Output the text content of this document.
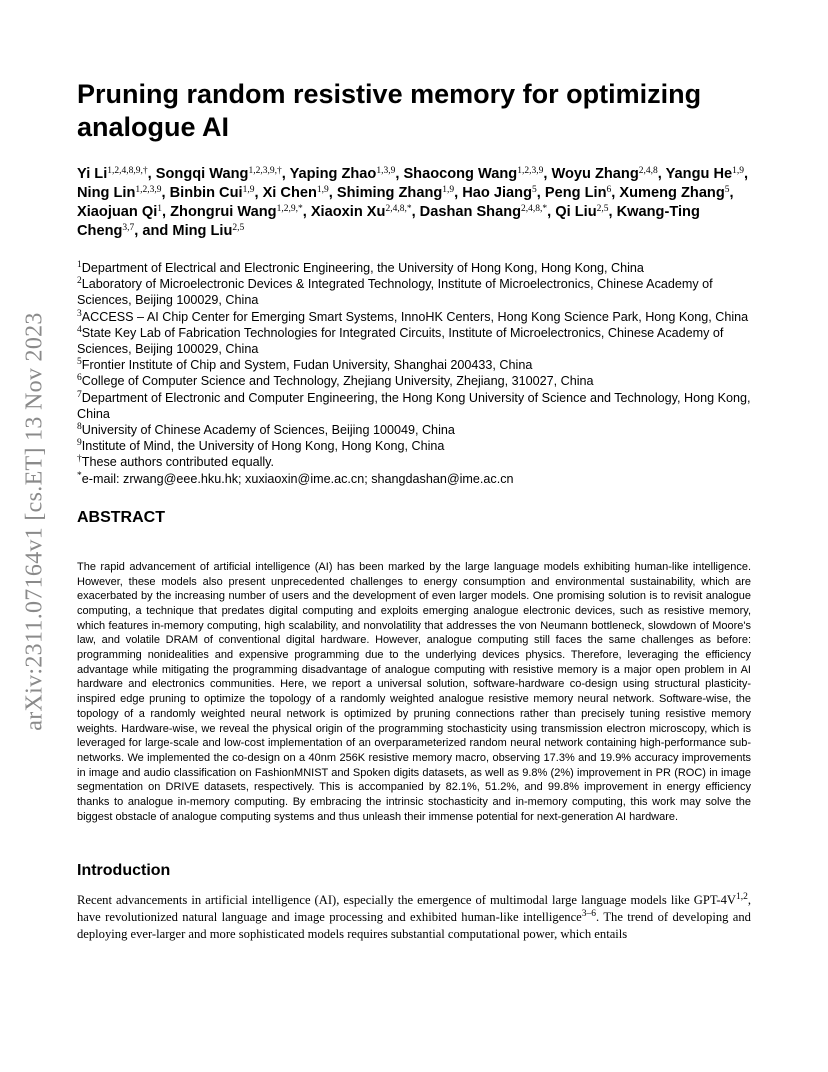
arXiv:2311.07164v1 [cs.ET] 13 Nov 2023
Pruning random resistive memory for optimizing analogue AI
Yi $Li^{1,2,4,8,9,\dagger}$, Songqi Wang$^{1,2,3,9,\dagger}$, Yaping Zhao$^{1,3,9}$, Shaocong Wang$^{1,2,3,9}$, Woyu Zhang$^{2,4,8}$, Yangu He$^{1,9}$, Ning Lin$^{1,2,3,9}$, Binbin Cui$^{1,9}$, Xi Chen$^{1,9}$, Shiming Zhang$^{1,9}$, Hao Jiang$^5$, Peng Lin$^6$, Xumeng Zhang$^5$, Xiaojuan Qi$^1$, Zhongrui Wang$^{1,2,9,*}$, Xiaoxin $Xu^{2,4,8,*}$, Dashan Shang$^{2,4,8,*}$, Qi Liu$^{2,5}$, Kwang-Ting Cheng$^{3,7}$, and Ming Liu$^{2,5}$
$^1$Department of Electrical and Electronic Engineering, the University of Hong Kong, Hong Kong, China
$^2$Laboratory of Microelectronic Devices & Integrated Technology, Institute of Microelectronics, Chinese Academy of Sciences, Beijing 100029, China
$^3$ACCESS – AI Chip Center for Emerging Smart Systems, InnoHK Centers, Hong Kong Science Park, Hong Kong, China
$^4$State Key Lab of Fabrication Technologies for Integrated Circuits, Institute of Microelectronics, Chinese Academy of Sciences, Beijing 100029, China
$^5$Frontier Institute of Chip and System, Fudan University, Shanghai 200433, China
$^6$College of Computer Science and Technology, Zhejiang University, Zhejiang, 310027, China
$^7$Department of Electronic and Computer Engineering, the Hong Kong University of Science and Technology, Hong Kong, China
$^8$University of Chinese Academy of Sciences, Beijing 100049, China
$^9$Institute of Mind, the University of Hong Kong, Hong Kong, China
†These authors contributed equally.
*e-mail: zrwang@eee.hku.hk; xuxiaoxin@ime.ac.cn; shangdashan@ime.ac.cn
ABSTRACT

The rapid advancement of artificial intelligence (AI) has been marked by the large language models exhibiting human-like intelligence. However, these models also present unprecedented challenges to energy consumption and environmental sustainability, which are exacerbated by the increasing number of users and the development of even larger models. One promising solution is to revisit analogue computing, a technique that predates digital computing and exploits emerging analogue electronic devices, such as resistive memory, which features in-memory computing, high scalability, and nonvolatility that addresses the von Neumann bottleneck, slowdown of Moore's law, and volatile DRAM of conventional digital hardware. However, analogue computing still faces the same challenges as before: programming nonidealities and expensive programming due to the underlying devices physics. Therefore, leveraging the efficiency advantage while mitigating the programming disadvantage of analogue computing with resistive memory is a major open problem in AI hardware and electronics communities. Here, we report a universal solution, software-hardware co-design using structural plasticity-inspired edge pruning to optimize the topology of a randomly weighted analogue resistive memory neural network. Software-wise, the topology of a randomly weighted neural network is optimized by pruning connections rather than precisely tuning resistive memory weights. Hardware-wise, we reveal the physical origin of the programming stochasticity using transmission electron microscopy, which is leveraged for large-scale and low-cost implementation of an overparameterized random neural network containing high-performance sub-networks. We implemented the co-design on a 40nm 256K resistive memory macro, observing 17.3% and 19.9% accuracy improvements in image and audio classification on FashionMNIST and Spoken digits datasets, as well as 9.8% (2%) improvement in PR (ROC) in image segmentation on DRIVE datasets, respectively. This is accompanied by 82.1%, 51.2%, and 99.8% improvement in energy efficiency thanks to analogue in-memory computing. By embracing the intrinsic stochasticity and in-memory computing, this work may solve the biggest obstacle of analogue computing systems and thus unleash their immense potential for next-generation AI hardware.

Introduction

Recent advancements in artificial intelligence (AI), especially the emergence of multimodal large language models like GPT-$4V^{1,2}$, have revolutionized natural language and image processing and exhibited human-like intelligence$^{3-6}$. The trend of developing and deploying ever-larger and more sophisticated models requires substantial computational power, which entails
